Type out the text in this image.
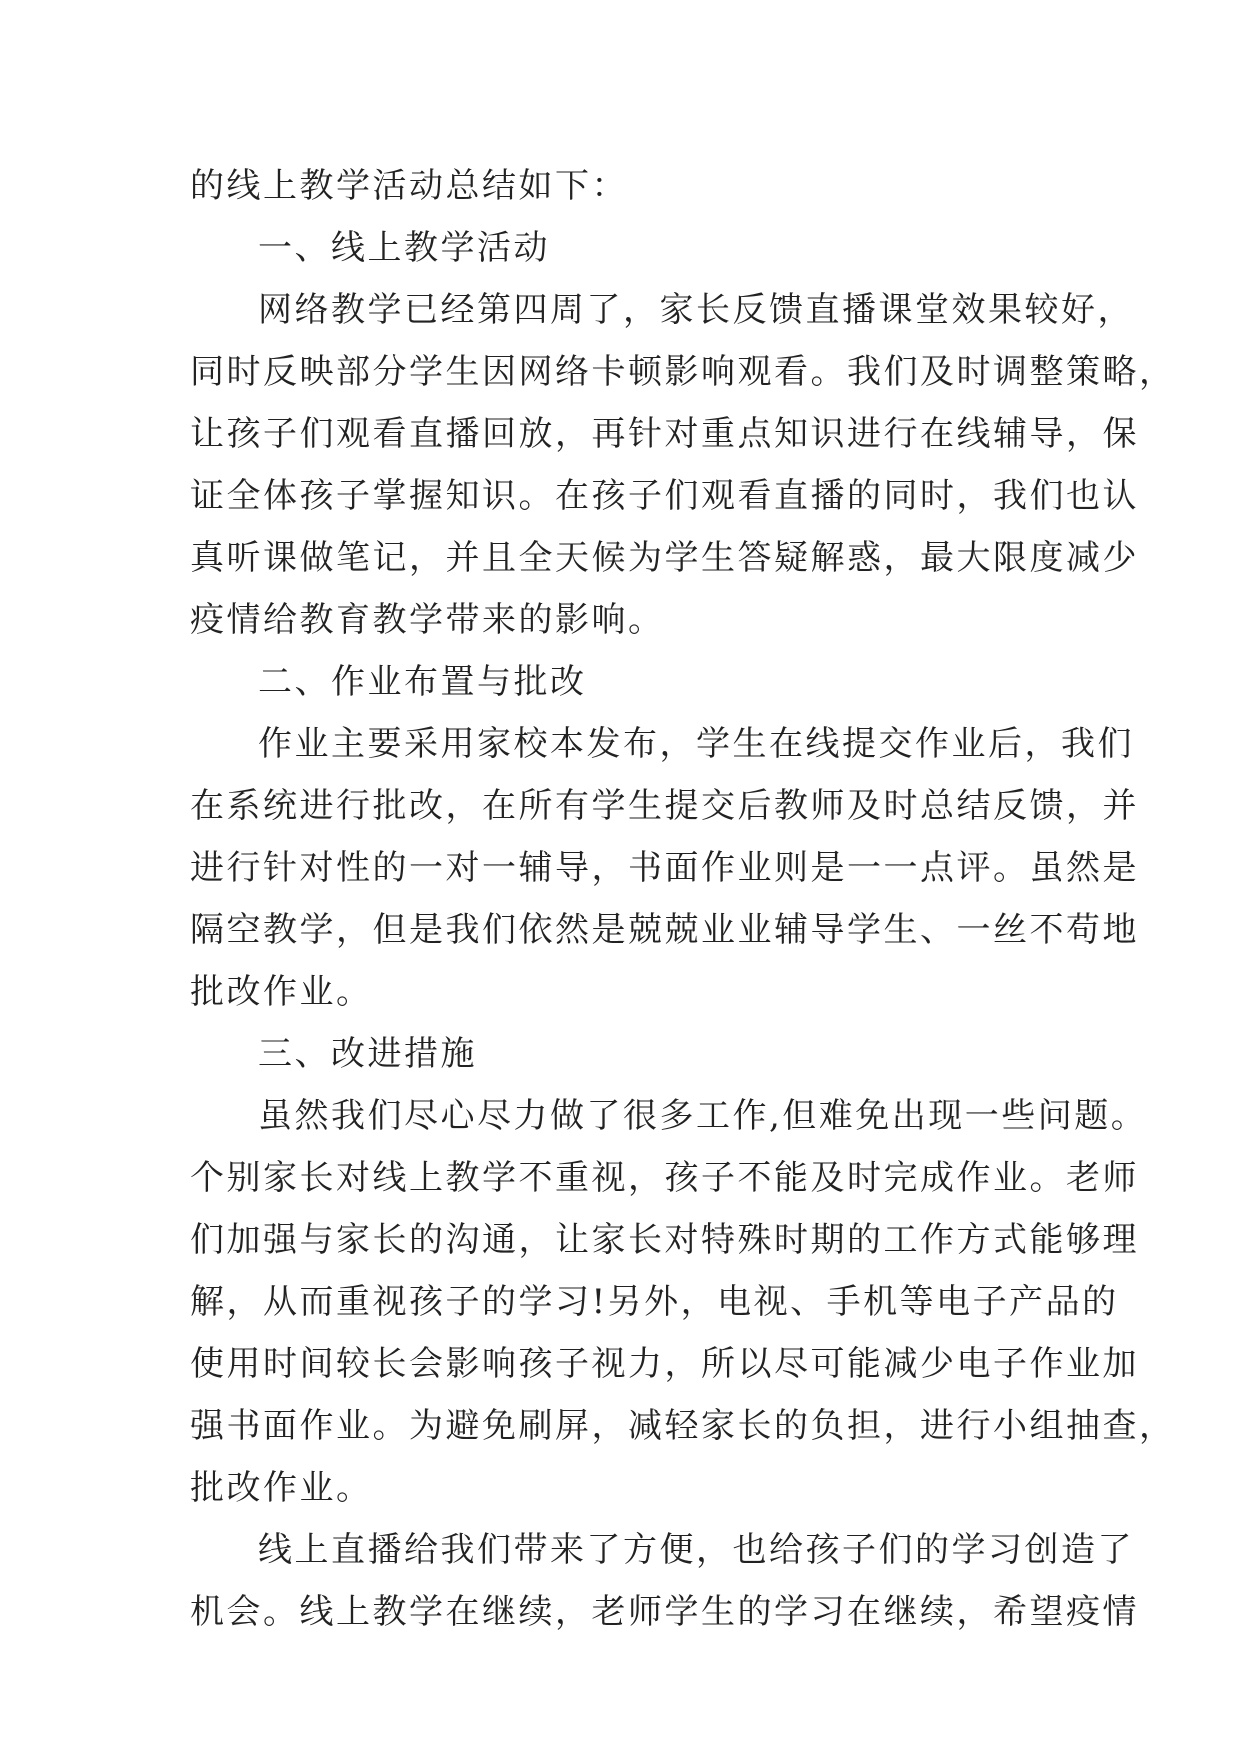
的线上教学活动总结如下：
一、线上教学活动
网络教学已经第四周了，家长反馈直播课堂效果较好，
同时反映部分学生因网络卡顿影响观看。我们及时调整策略，
让孩子们观看直播回放，再针对重点知识进行在线辅导，保
证全体孩子掌握知识。在孩子们观看直播的同时，我们也认
真听课做笔记，并且全天候为学生答疑解惑，最大限度减少
疫情给教育教学带来的影响。
二、作业布置与批改
作业主要采用家校本发布，学生在线提交作业后，我们
在系统进行批改，在所有学生提交后教师及时总结反馈，并
进行针对性的一对一辅导，书面作业则是一一点评。虽然是
隔空教学，但是我们依然是兢兢业业辅导学生、一丝不苟地
批改作业。
三、改进措施
虽然我们尽心尽力做了很多工作,但难免出现一些问题。
个别家长对线上教学不重视，孩子不能及时完成作业。老师
们加强与家长的沟通，让家长对特殊时期的工作方式能够理
解，从而重视孩子的学习!另外，电视、手机等电子产品的
使用时间较长会影响孩子视力，所以尽可能减少电子作业加
强书面作业。为避免刷屏，减轻家长的负担，进行小组抽查，
批改作业。
线上直播给我们带来了方便，也给孩子们的学习创造了
机会。线上教学在继续，老师学生的学习在继续，希望疫情
